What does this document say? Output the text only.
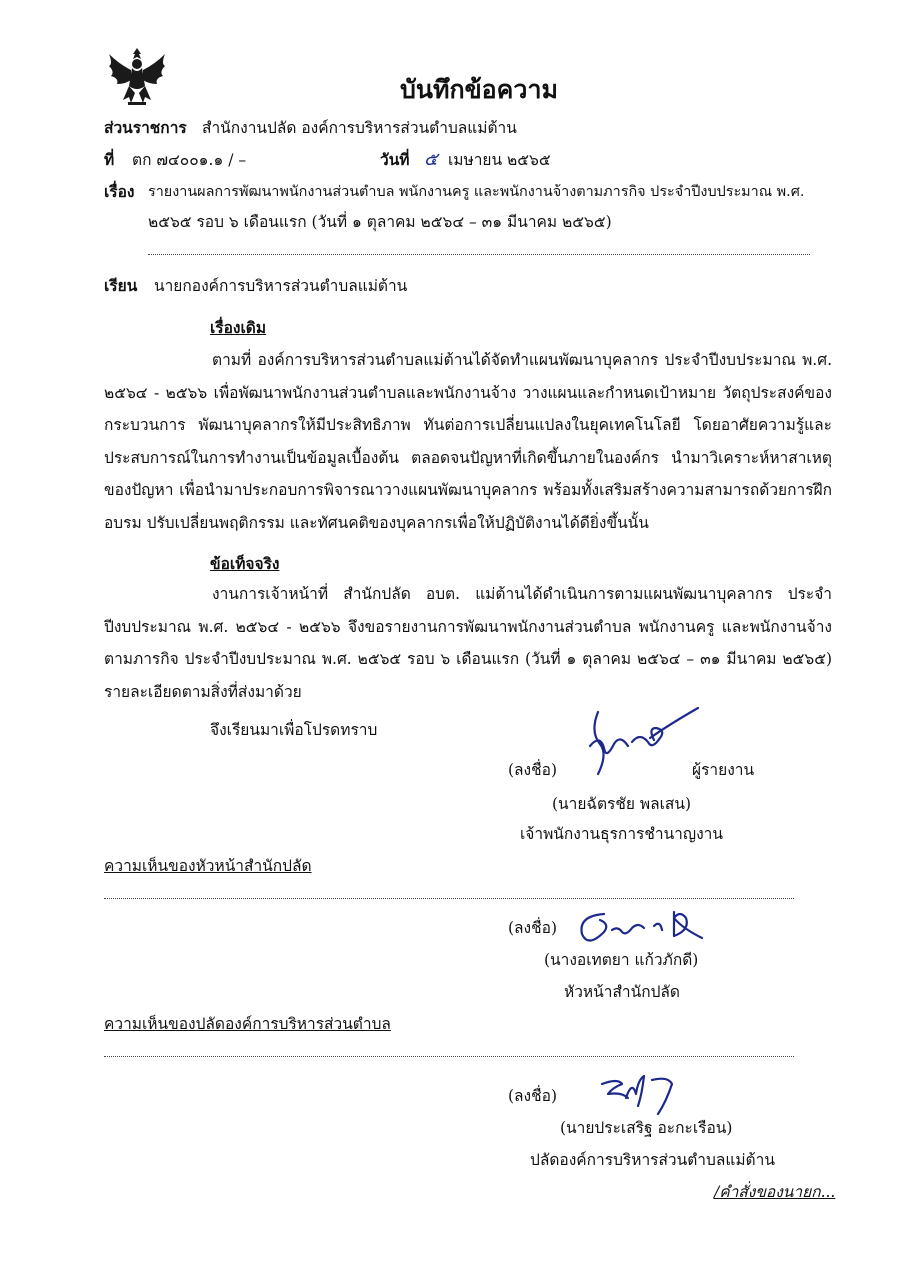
บันทึกข้อความ
ส่วนราชการ สำนักงานปลัด องค์การบริหารส่วนตำบลแม่ต้าน
ที่ ตก ๗๔๐๐๑.๑ / –	วันที่ ๕ เมษายน ๒๕๖๕
เรื่อง รายงานผลการพัฒนาพนักงานส่วนตำบล พนักงานครู และพนักงานจ้างตามภารกิจ ประจำปีงบประมาณ พ.ศ.
๒๕๖๕ รอบ ๖ เดือนแรก (วันที่ ๑ ตุลาคม ๒๕๖๔ – ๓๑ มีนาคม ๒๕๖๕)
เรียน นายกองค์การบริหารส่วนตำบลแม่ต้าน
เรื่องเดิม
ตามที่ องค์การบริหารส่วนตำบลแม่ต้านได้จัดทำแผนพัฒนาบุคลากร ประจำปีงบประมาณ พ.ศ. ๒๕๖๔ - ๒๕๖๖ เพื่อพัฒนาพนักงานส่วนตำบลและพนักงานจ้าง วางแผนและกำหนดเป้าหมาย วัตถุประสงค์ของกระบวนการ พัฒนาบุคลากรให้มีประสิทธิภาพ ทันต่อการเปลี่ยนแปลงในยุคเทคโนโลยี โดยอาศัยความรู้และประสบการณ์ในการทำงานเป็นข้อมูลเบื้องต้น ตลอดจนปัญหาที่เกิดขึ้นภายในองค์กร นำมาวิเคราะห์หาสาเหตุของปัญหา เพื่อนำมาประกอบการพิจารณาวางแผนพัฒนาบุคลากร พร้อมทั้งเสริมสร้างความสามารถด้วยการฝึกอบรม ปรับเปลี่ยนพฤติกรรม และทัศนคติของบุคลากรเพื่อให้ปฏิบัติงานได้ดียิ่งขึ้นนั้น
ข้อเท็จจริง
งานการเจ้าหน้าที่ สำนักปลัด อบต. แม่ต้านได้ดำเนินการตามแผนพัฒนาบุคลากร ประจำปีงบประมาณ พ.ศ. ๒๕๖๔ - ๒๕๖๖ จึงขอรายงานการพัฒนาพนักงานส่วนตำบล พนักงานครู และพนักงานจ้างตามภารกิจ ประจำปีงบประมาณ พ.ศ. ๒๕๖๕ รอบ ๖ เดือนแรก (วันที่ ๑ ตุลาคม ๒๕๖๔ – ๓๑ มีนาคม ๒๕๖๕) รายละเอียดตามสิ่งที่ส่งมาด้วย
จึงเรียนมาเพื่อโปรดทราบ
(ลงชื่อ)	ผู้รายงาน
(นายฉัตรชัย พลเสน)
เจ้าพนักงานธุรการชำนาญงาน
ความเห็นของหัวหน้าสำนักปลัด
(ลงชื่อ)
(นางอเทตยา แก้วภักดี)
หัวหน้าสำนักปลัด
ความเห็นของปลัดองค์การบริหารส่วนตำบล
(ลงชื่อ)
(นายประเสริฐ อะกะเรือน)
ปลัดองค์การบริหารส่วนตำบลแม่ต้าน
/คำสั่งของนายก...
